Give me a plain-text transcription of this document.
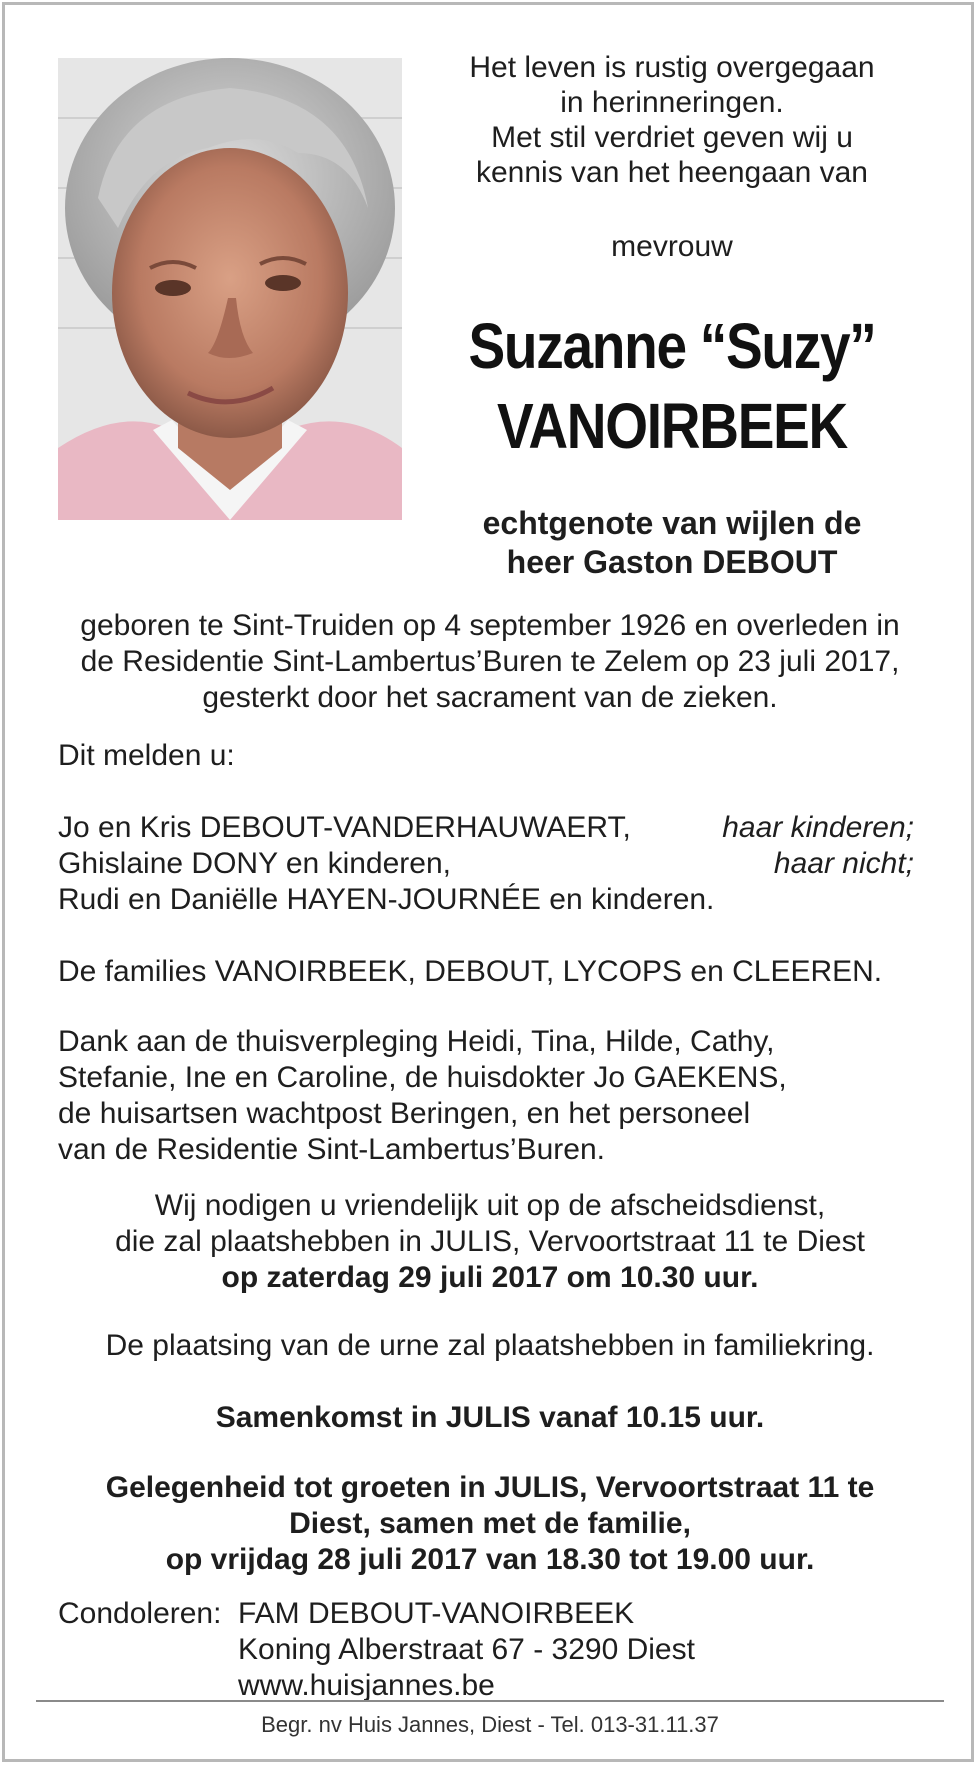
Het leven is rustig overgegaan
in herinneringen.
Met stil verdriet geven wij u
kennis van het heengaan van
mevrouw
Suzanne “Suzy”
VANOIRBEEK
echtgenote van wijlen de
heer Gaston DEBOUT
geboren te Sint-Truiden op 4 september 1926 en overleden in
de Residentie Sint-Lambertus’Buren te Zelem op 23 juli 2017,
gesterkt door het sacrament van de zieken.
Dit melden u:
Jo en Kris DEBOUT-VANDERHAUWAERT,	haar kinderen;
Ghislaine DONY en kinderen,	haar nicht;
Rudi en Daniëlle HAYEN-JOURNÉE en kinderen.
De families VANOIRBEEK, DEBOUT, LYCOPS en CLEEREN.
Dank aan de thuisverpleging Heidi, Tina, Hilde, Cathy,
Stefanie, Ine en Caroline, de huisdokter Jo GAEKENS,
de huisartsen wachtpost Beringen, en het personeel
van de Residentie Sint-Lambertus’Buren.
Wij nodigen u vriendelijk uit op de afscheidsdienst,
die zal plaatshebben in JULIS, Vervoortstraat 11 te Diest
op zaterdag 29 juli 2017 om 10.30 uur.
De plaatsing van de urne zal plaatshebben in familiekring.
Samenkomst in JULIS vanaf 10.15 uur.
Gelegenheid tot groeten in JULIS, Vervoortstraat 11 te
Diest, samen met de familie,
op vrijdag 28 juli 2017 van 18.30 tot 19.00 uur.
Condoleren: FAM DEBOUT-VANOIRBEEK
Koning Alberstraat 67 - 3290 Diest
www.huisjannes.be
Begr. nv Huis Jannes, Diest - Tel. 013-31.11.37
